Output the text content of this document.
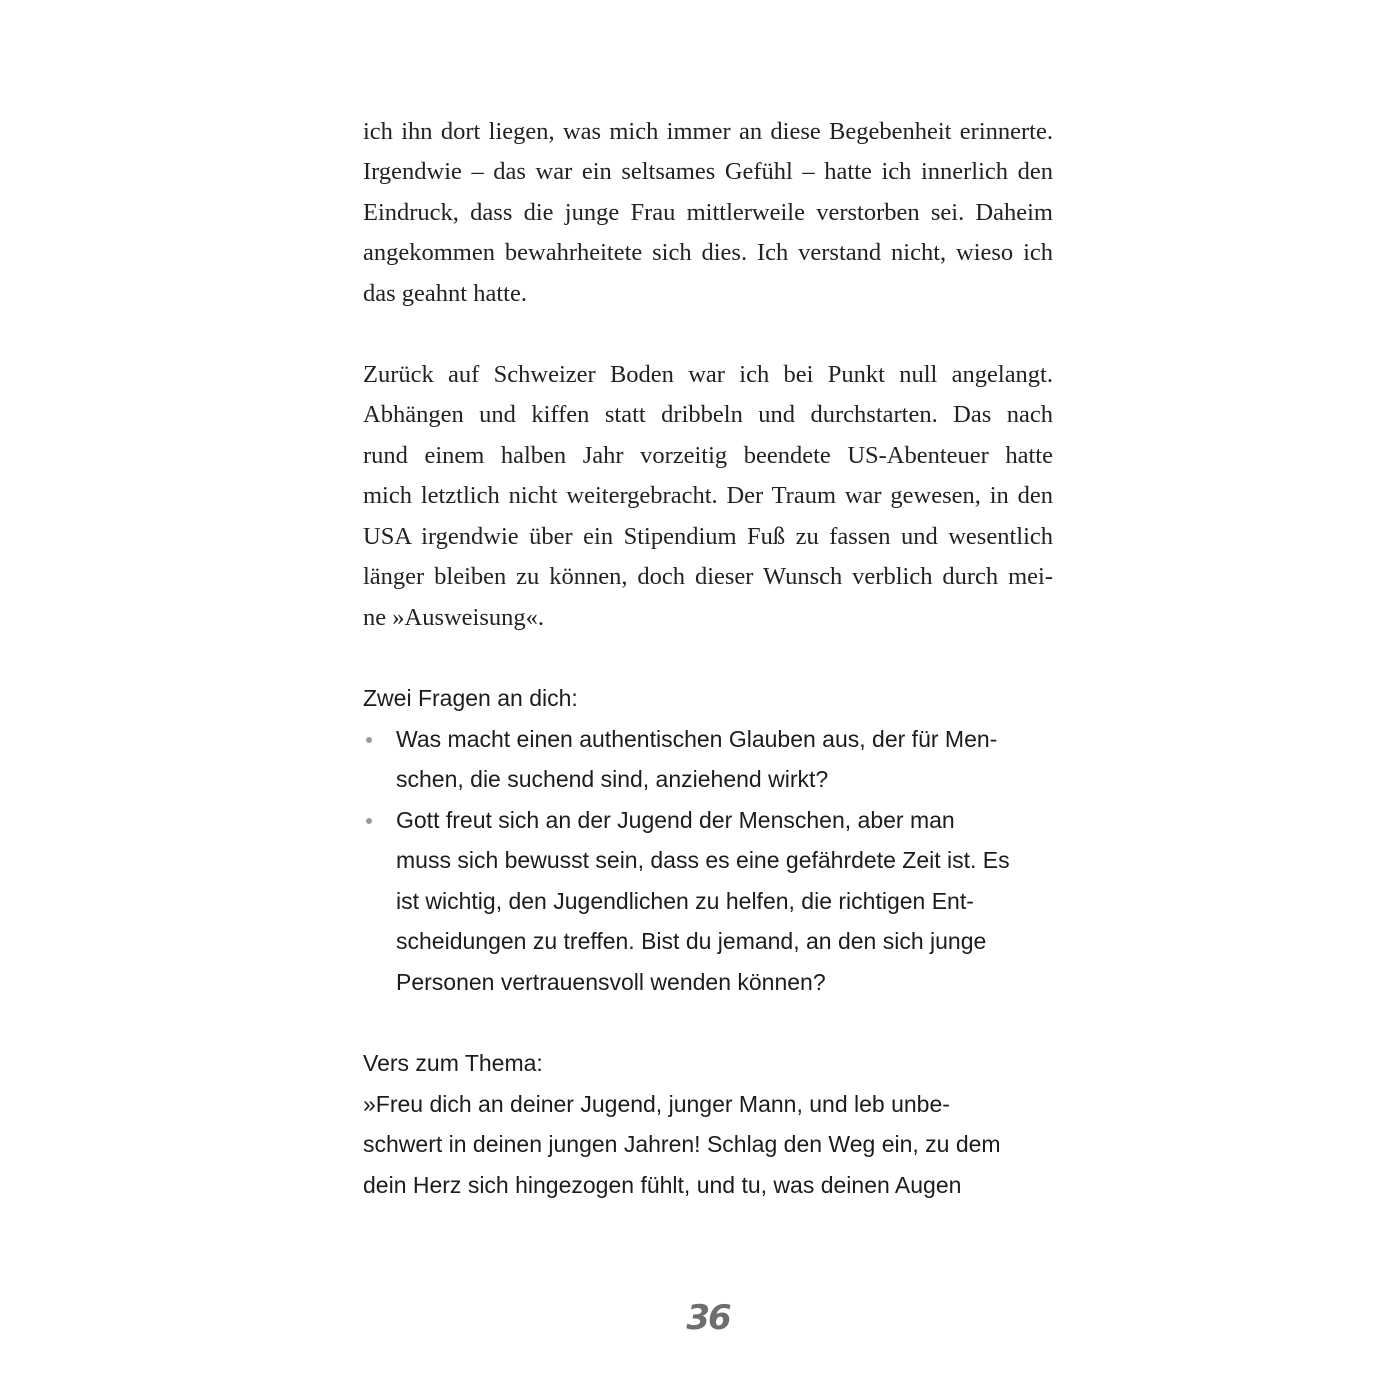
ich ihn dort liegen, was mich immer an diese Begebenheit erinnerte.
Irgendwie – das war ein seltsames Gefühl – hatte ich innerlich den
Eindruck, dass die junge Frau mittlerweile verstorben sei. Daheim
angekommen bewahrheitete sich dies. Ich verstand nicht, wieso ich
das geahnt hatte.
Zurück auf Schweizer Boden war ich bei Punkt null angelangt.
Abhängen und kiffen statt dribbeln und durchstarten. Das nach
rund einem halben Jahr vorzeitig beendete US-Abenteuer hatte
mich letztlich nicht weitergebracht. Der Traum war gewesen, in den
USA irgendwie über ein Stipendium Fuß zu fassen und wesentlich
länger bleiben zu können, doch dieser Wunsch verblich durch mei-
ne »Ausweisung«.
Zwei Fragen an dich:
Was macht einen authentischen Glauben aus, der für Men-
schen, die suchend sind, anziehend wirkt?
Gott freut sich an der Jugend der Menschen, aber man
muss sich bewusst sein, dass es eine gefährdete Zeit ist. Es
ist wichtig, den Jugendlichen zu helfen, die richtigen Ent-
scheidungen zu treffen. Bist du jemand, an den sich junge
Personen vertrauensvoll wenden können?
Vers zum Thema:
»Freu dich an deiner Jugend, junger Mann, und leb unbe-
schwert in deinen jungen Jahren! Schlag den Weg ein, zu dem
dein Herz sich hingezogen fühlt, und tu, was deinen Augen
36
